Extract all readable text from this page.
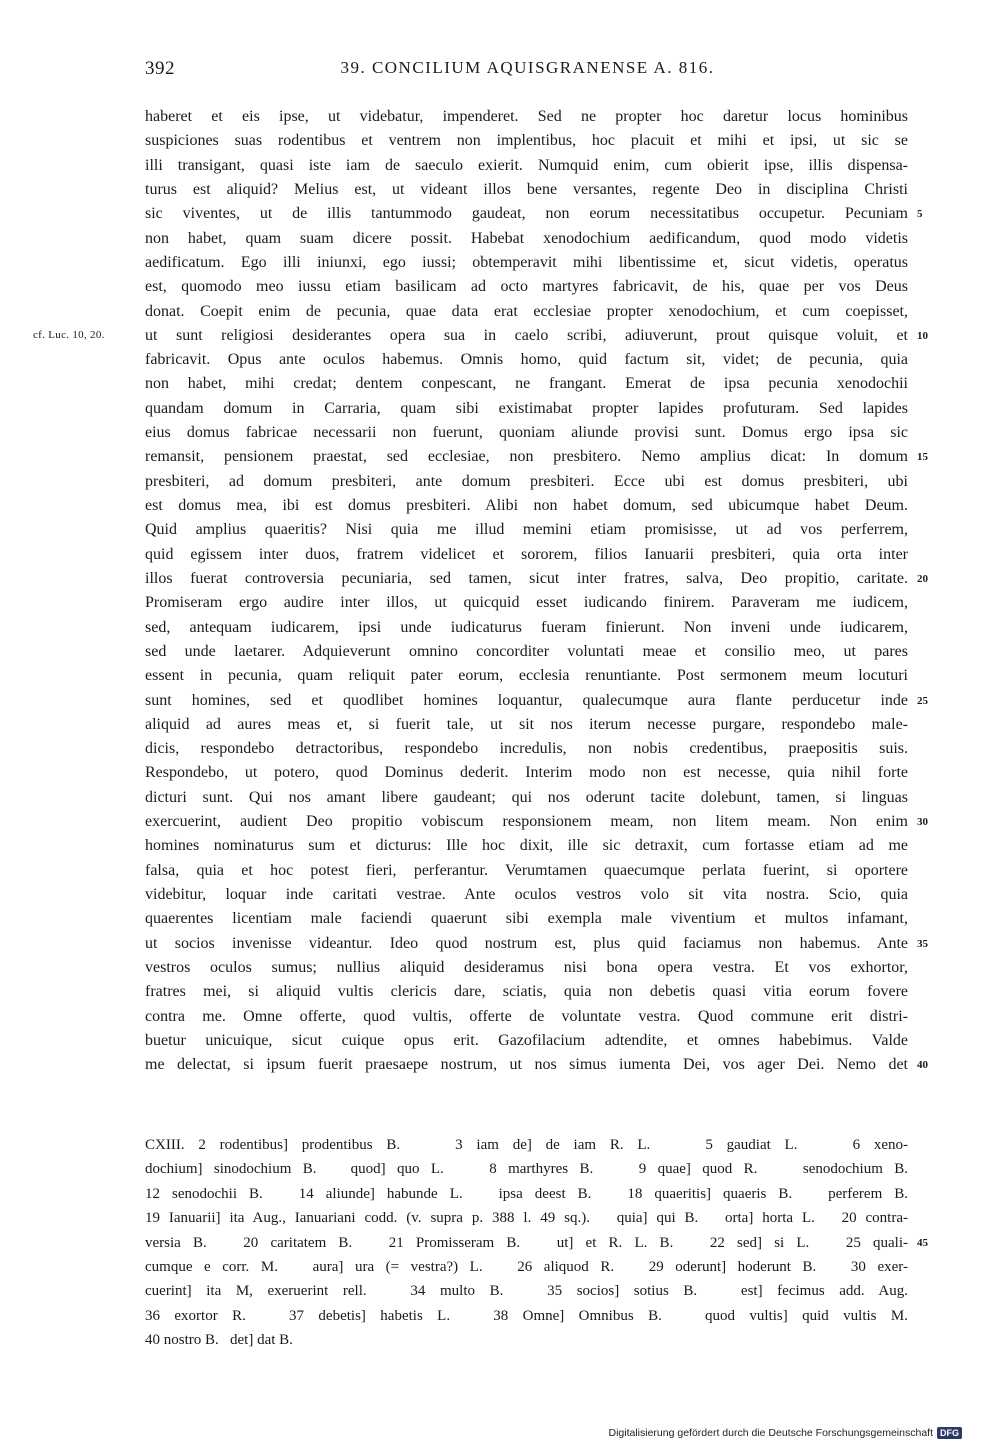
392	39. CONCILIUM AQUISGRANENSE A. 816.
haberet et eis ipse, ut videbatur, impenderet. Sed ne propter hoc daretur locus hominibus
suspiciones suas rodentibus et ventrem non implentibus, hoc placuit et mihi et ipsi, ut sic se
illi transigant, quasi iste iam de saeculo exierit. Numquid enim, cum obierit ipse, illis dispensa-
turus est aliquid? Melius est, ut videant illos bene versantes, regente Deo in disciplina Christi
sic viventes, ut de illis tantummodo gaudeat, non eorum necessitatibus occupetur. Pecuniam
non habet, quam suam dicere possit. Habebat xenodochium aedificandum, quod modo videtis
aedificatum. Ego illi iniunxi, ego iussi; obtemperavit mihi libentissime et, sicut videtis, operatus
est, quomodo meo iussu etiam basilicam ad octo martyres fabricavit, de his, quae per vos Deus
donat. Coepit enim de pecunia, quae data erat ecclesiae propter xenodochium, et cum coepisset,
ut sunt religiosi desiderantes opera sua in caelo scribi, adiuverunt, prout quisque voluit, et
fabricavit. Opus ante oculos habemus. Omnis homo, quid factum sit, videt; de pecunia, quia
non habet, mihi credat; dentem conpescant, ne frangant. Emerat de ipsa pecunia xenodochii
quandam domum in Carraria, quam sibi existimabat propter lapides profuturam. Sed lapides
eius domus fabricae necessarii non fuerunt, quoniam aliunde provisi sunt. Domus ergo ipsa sic
remansit, pensionem praestat, sed ecclesiae, non presbitero. Nemo amplius dicat: In domum
presbiteri, ad domum presbiteri, ante domum presbiteri. Ecce ubi est domus presbiteri, ubi
est domus mea, ibi est domus presbiteri. Alibi non habet domum, sed ubicumque habet Deum.
Quid amplius quaeritis? Nisi quia me illud memini etiam promisisse, ut ad vos perferrem,
quid egissem inter duos, fratrem videlicet et sororem, filios Ianuarii presbiteri, quia orta inter
illos fuerat controversia pecuniaria, sed tamen, sicut inter fratres, salva, Deo propitio, caritate.
Promiseram ergo audire inter illos, ut quicquid esset iudicando finirem. Paraveram me iudicem,
sed, antequam iudicarem, ipsi unde iudicaturus fueram finierunt. Non inveni unde iudicarem,
sed unde laetarer. Adquieverunt omnino concorditer voluntati meae et consilio meo, ut pares
essent in pecunia, quam reliquit pater eorum, ecclesia renuntiante. Post sermonem meum locuturi
sunt homines, sed et quodlibet homines loquantur, qualecumque aura flante perducetur inde
aliquid ad aures meas et, si fuerit tale, ut sit nos iterum necesse purgare, respondebo male-
dicis, respondebo detractoribus, respondebo incredulis, non nobis credentibus, praepositis suis.
Respondebo, ut potero, quod Dominus dederit. Interim modo non est necesse, quia nihil forte
dicturi sunt. Qui nos amant libere gaudeant; qui nos oderunt tacite dolebunt, tamen, si linguas
exercuerint, audient Deo propitio vobiscum responsionem meam, non litem meam. Non enim
homines nominaturus sum et dicturus: Ille hoc dixit, ille sic detraxit, cum fortasse etiam ad me
falsa, quia et hoc potest fieri, perferantur. Verumtamen quaecumque perlata fuerint, si oportere
videbitur, loquar inde caritati vestrae. Ante oculos vestros volo sit vita nostra. Scio, quia
quaerentes licentiam male faciendi quaerunt sibi exempla male viventium et multos infamant,
ut socios invenisse videantur. Ideo quod nostrum est, plus quid faciamus non habemus. Ante
vestros oculos sumus; nullius aliquid desideramus nisi bona opera vestra. Et vos exhortor,
fratres mei, si aliquid vultis clericis dare, sciatis, quia non debetis quasi vitia eorum fovere
contra me. Omne offerte, quod vultis, offerte de voluntate vestra. Quod commune erit distri-
buetur unicuique, sicut cuique opus erit. Gazofilacium adtendite, et omnes habebimus. Valde
me delectat, si ipsum fuerit praesaepe nostrum, ut nos simus iumenta Dei, vos ager Dei. Nemo det
5
10
15
20
25
30
35
40
cf. Luc. 10, 20.
CXIII. 2 rodentibus] prodentibus B.    3 iam de] de iam R. L.    5 gaudiat L.    6 xeno-
dochium] sinodochium B.   quod] quo L.    8 marthyres B.    9 quae] quod R.    senodochium B.
12 senodochii B.   14 aliunde] habunde L.   ipsa deest B.   18 quaeritis] quaeris B.   perferem B.
19 Ianuarii] ita Aug., Ianuariani codd. (v. supra p. 388 l. 49 sq.).   quia] qui B.   orta] horta L.   20 contra-
versia B.   20 caritatem B.   21 Promisseram B.   ut] et R. L. B.   22 sed] si L.   25 quali-
cumque e corr. M.   aura] ura (= vestra?) L.   26 aliquod R.   29 oderunt] hoderunt B.   30 exer-
cuerint] ita M, exeruerint rell.   34 multo B.   35 socios] sotius B.   est] fecimus add. Aug.
36 exortor R.   37 debetis] habetis L.   38 Omne] Omnibus B.   quod vultis] quid vultis M.
40 nostro B.   det] dat B.
45
Digitalisierung gefördert durch die Deutsche Forschungsgemeinschaft DFG
